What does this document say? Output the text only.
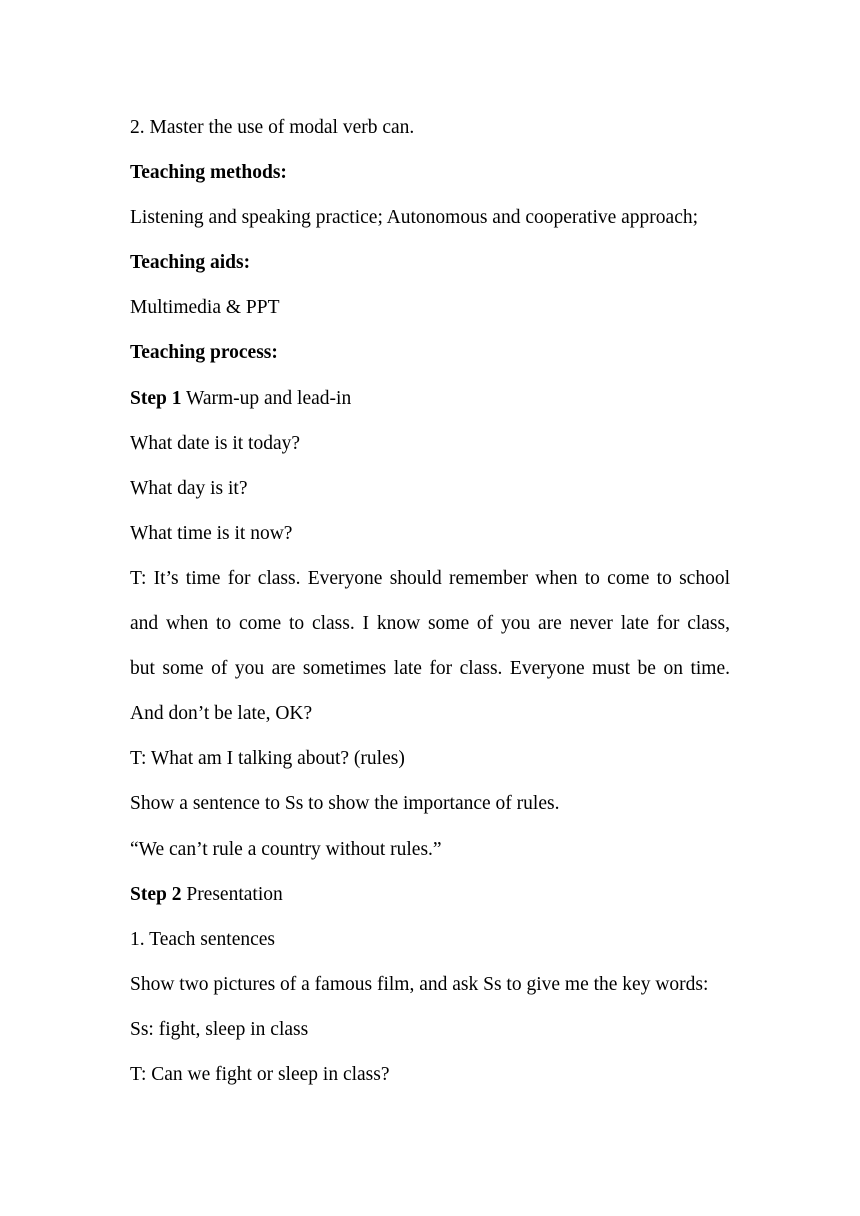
2. Master the use of modal verb can.
Teaching methods:
Listening and speaking practice; Autonomous and cooperative approach;
Teaching aids:
Multimedia & PPT
Teaching process:
Step 1 Warm-up and lead-in
What date is it today?
What day is it?
What time is it now?
T: It’s time for class. Everyone should remember when to come to school
and when to come to class. I know some of you are never late for class,
but some of you are sometimes late for class. Everyone must be on time.
And don’t be late, OK?
T: What am I talking about? (rules)
Show a sentence to Ss to show the importance of rules.
“We can’t rule a country without rules.”
Step 2 Presentation
1. Teach sentences
Show two pictures of a famous film, and ask Ss to give me the key words:
Ss: fight, sleep in class
T: Can we fight or sleep in class?
